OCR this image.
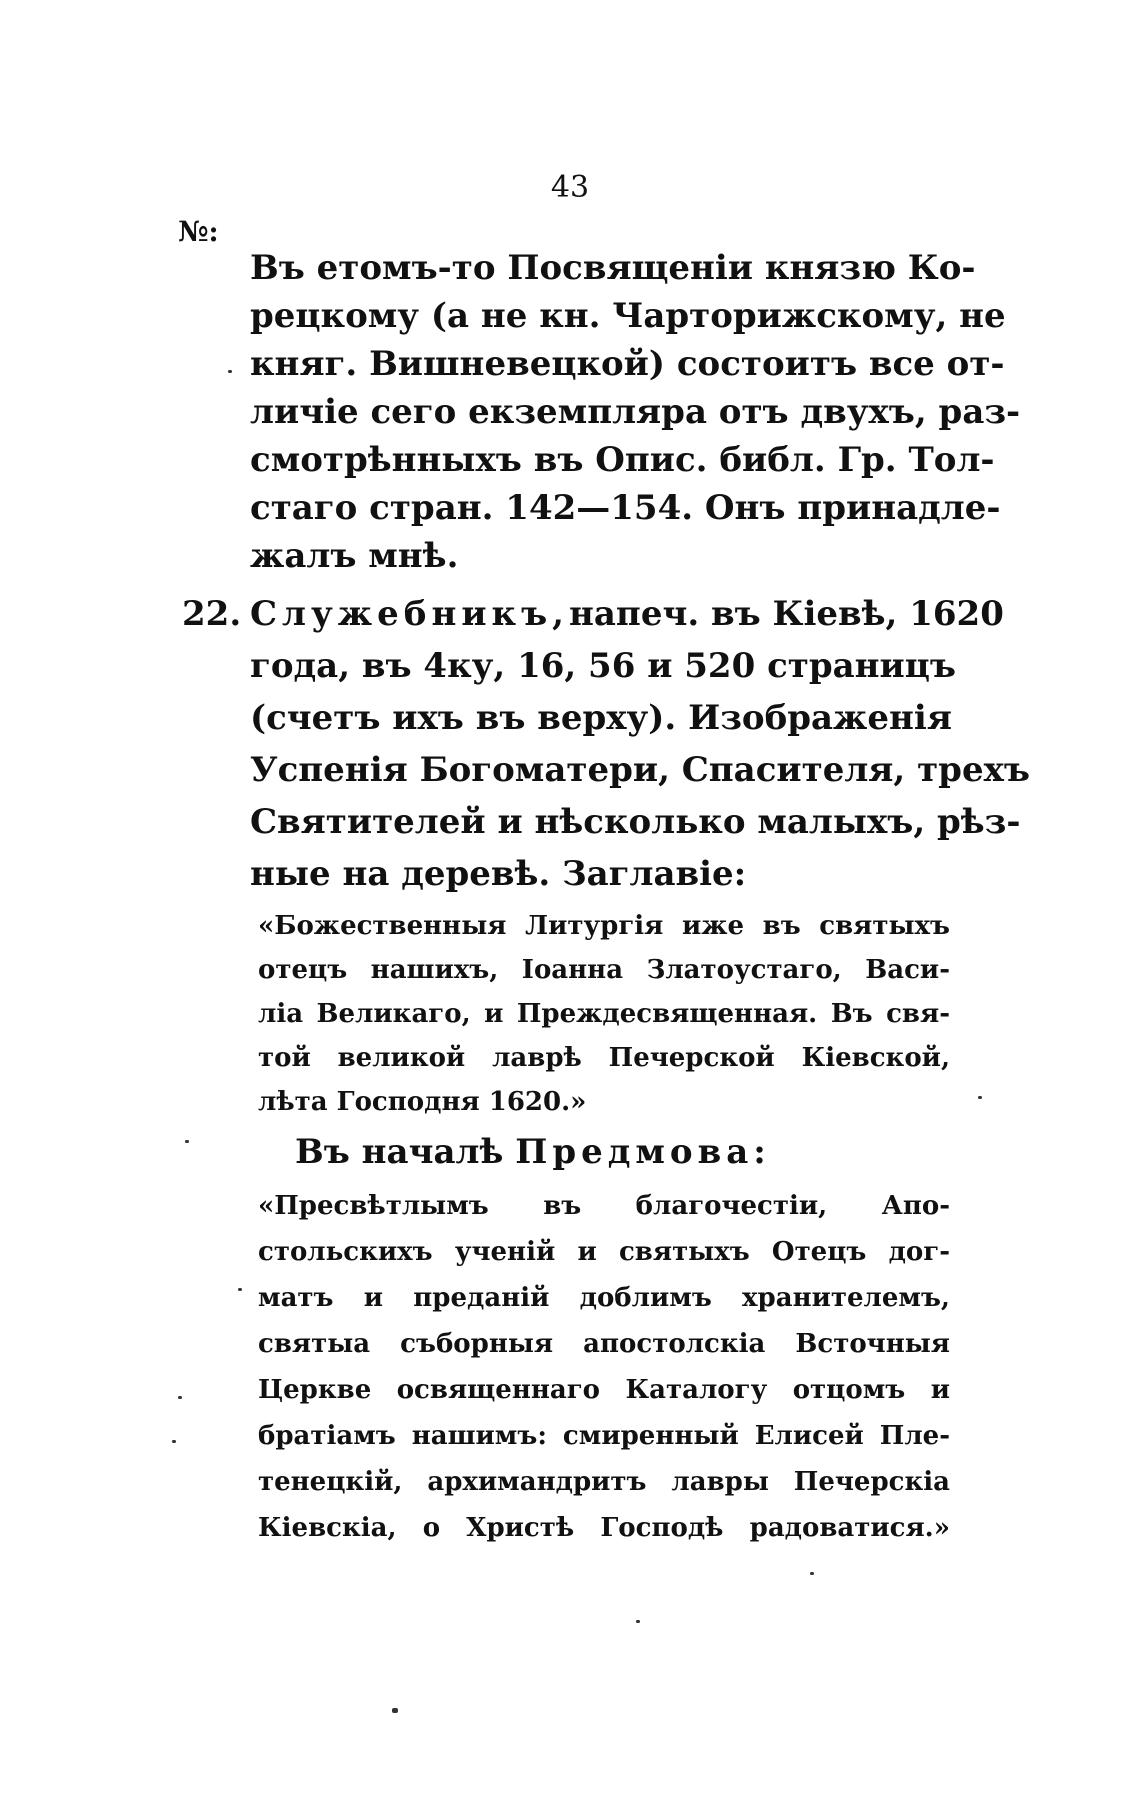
43
№:
Въ етомъ-то Посвященіи князю Ко-
рецкому (а не кн. Чарторижскому, не
княг. Вишневецкой) состоитъ все от-
личіе сего екземпляра отъ двухъ, раз-
смотрѣнныхъ въ Опис. библ. Гр. Тол-
стаго стран. 142—154. Онъ принадле-
жалъ мнѣ.
22. Служебникъ, напеч. въ Кіевѣ, 1620
года, въ 4ку, 16, 56 и 520 страницъ
(счетъ ихъ въ верху). Изображенія
Успенія Богоматери, Спасителя, трехъ
Святителей и нѣсколько малыхъ, рѣз-
ные на деревѣ. Заглавіе:
«Божественныя Литургія иже въ святыхъ
отецъ нашихъ, Іоанна Златоустаго, Васи-
ліа Великаго, и Преждесвященная. Въ свя-
той великой лаврѣ Печерской Кіевской,
лѣта Господня 1620.»
Въ началѣ Предмова:
«Пресвѣтлымъ въ благочестіи, Апо-
стольскихъ ученій и святыхъ Отецъ дог-
матъ и преданій доблимъ хранителемъ,
святыа съборныя апостолскіа Всточныя
Церкве освященнаго Каталогу отцомъ и
братіамъ нашимъ: смиренный Елисей Пле-
тенецкій, архимандритъ лавры Печерскіа
Кіевскіа, о Христѣ Господѣ радоватися.»
